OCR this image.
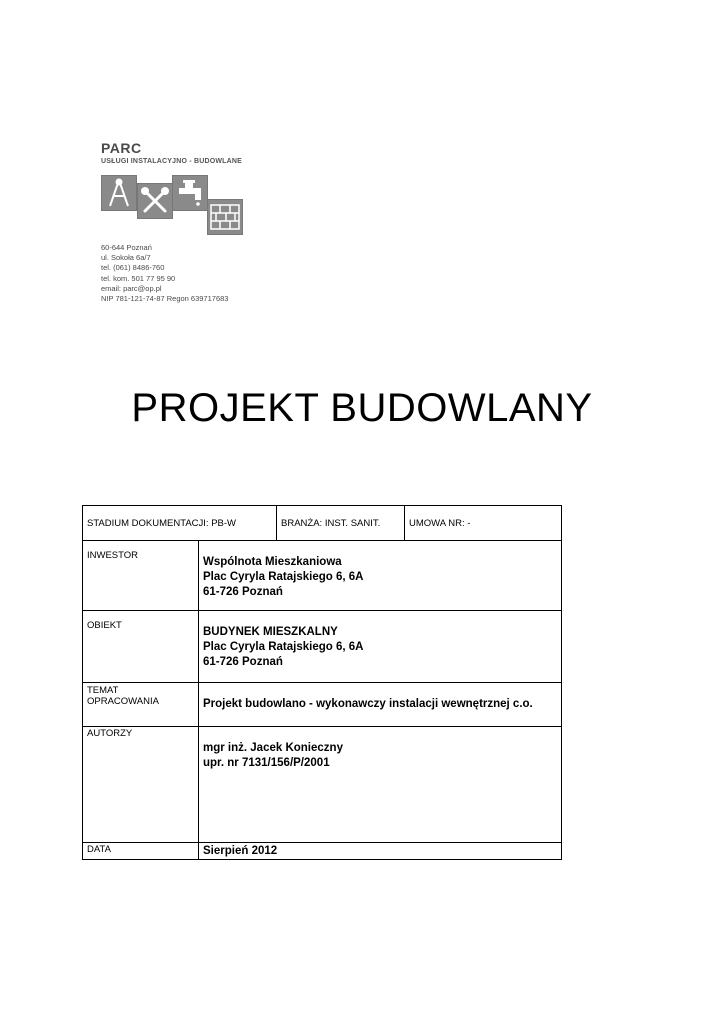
PARC
USŁUGI INSTALACYJNO - BUDOWLANE
60-644 Poznań
ul. Sokoła 6a/7
tel. (061) 8486-760
tel. kom. 501 77 95 90
email: parc@op.pl
NIP 781-121-74-87 Regon 639717683
PROJEKT BUDOWLANY
STADIUM DOKUMENTACJI: PB-W		BRANŻA: INST. SANIT.	UMOWA NR: -
INWESTOR	Wspólnota Mieszkaniowa
Plac Cyryla Ratajskiego 6, 6A
61-726 Poznań		

OBIEKT	BUDYNEK MIESZKALNY
Plac Cyryla Ratajskiego 6, 6A
61-726 Poznań		

TEMAT
OPRACOWANIA	Projekt budowlano - wykonawczy instalacji wewnętrznej c.o.		
AUTORZY	mgr inż. Jacek Konieczny
upr. nr 7131/156/P/2001		

DATA	Sierpień 2012		
